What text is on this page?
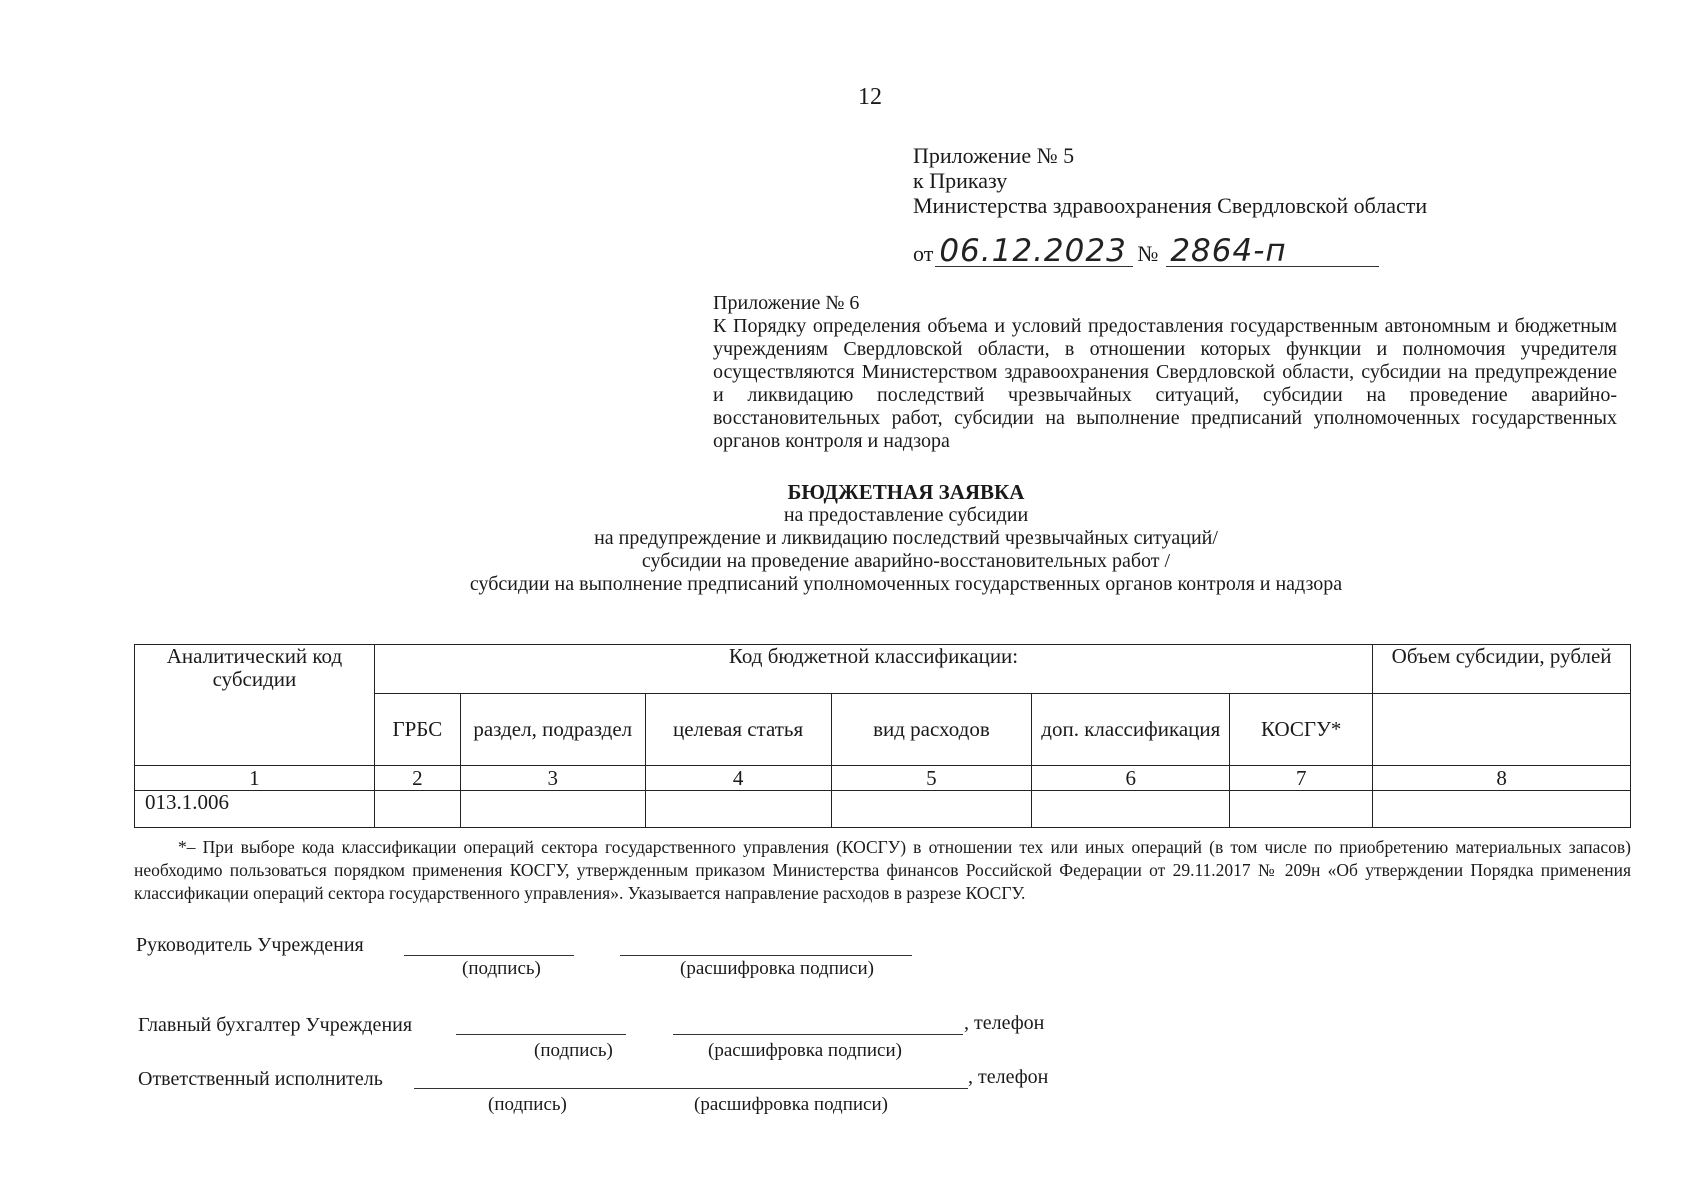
12
Приложение № 5
к Приказу
Министерства здравоохранения Свердловской области
от 06.12.2023 № 2864-п
Приложение № 6
К Порядку определения объема и условий предоставления государственным автономным и бюджетным учреждениям Свердловской области, в отношении которых функции и полномочия учредителя осуществляются Министерством здравоохранения Свердловской области, субсидии на предупреждение и ликвидацию последствий чрезвычайных ситуаций, субсидии на проведение аварийно-восстановительных работ, субсидии на выполнение предписаний уполномоченных государственных органов контроля и надзора
БЮДЖЕТНАЯ ЗАЯВКА
на предоставление субсидии
на предупреждение и ликвидацию последствий чрезвычайных ситуаций/
субсидии на проведение аварийно-восстановительных работ /
субсидии на выполнение предписаний уполномоченных государственных органов контроля и надзора
Аналитический код субсидии	Код бюджетной классификации:						Объем субсидии, рублей
	ГРБС	раздел, подраздел	целевая статья	вид расходов	доп. классификация	КОСГУ*	
1	2	3	4	5	6	7	8
013.1.006							
*– При выборе кода классификации операций сектора государственного управления (КОСГУ) в отношении тех или иных операций (в том числе по приобретению материальных запасов) необходимо пользоваться порядком применения КОСГУ, утвержденным приказом Министерства финансов Российской Федерации от 29.11.2017 № 209н «Об утверждении Порядка применения классификации операций сектора государственного управления». Указывается направление расходов в разрезе КОСГУ.
Руководитель Учреждения
(подпись)	(расшифровка подписи)
Главный бухгалтер Учреждения	, телефон
(подпись)	(расшифровка подписи)
Ответственный исполнитель	, телефон
(подпись)	(расшифровка подписи)
